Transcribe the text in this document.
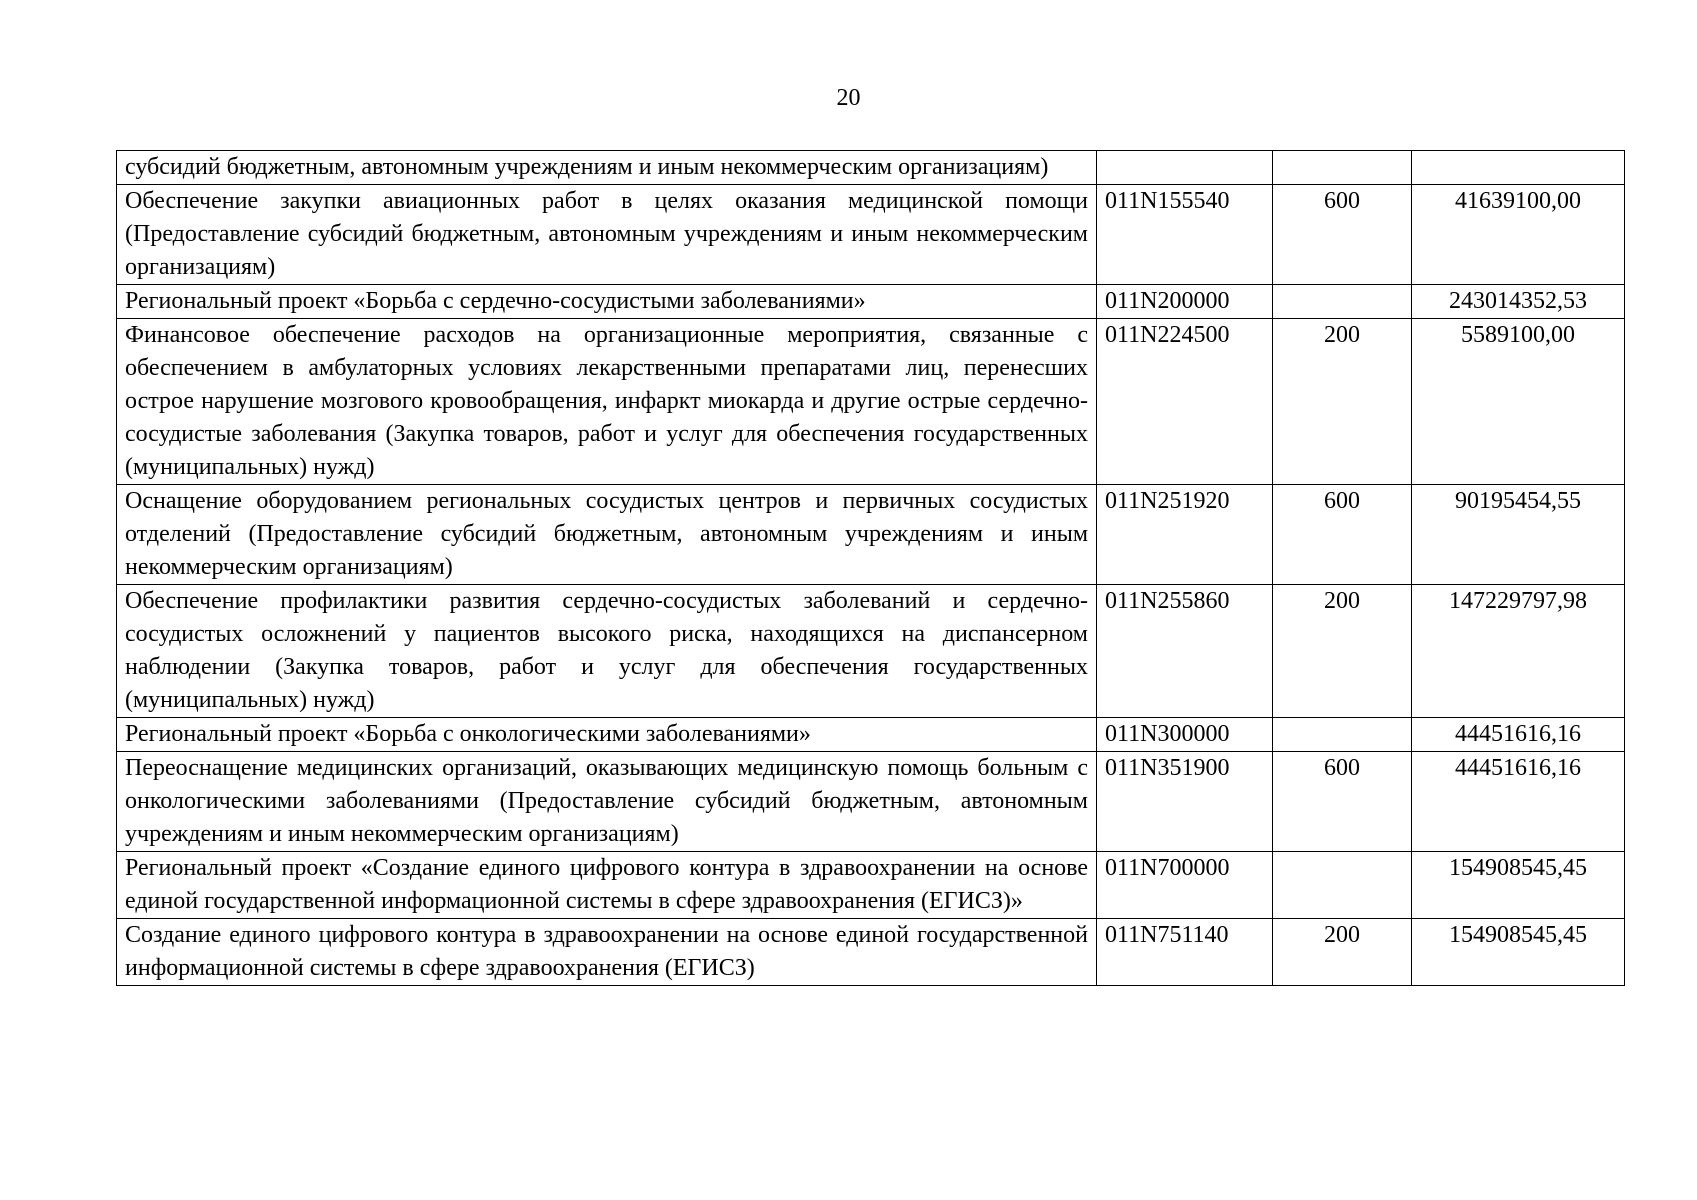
20
субсидий бюджетным, автономным учреждениям и иным некоммерческим организациям)			
Обеспечение закупки авиационных работ в целях оказания медицинской помощи (Предоставление субсидий бюджетным, автономным учреждениям и иным некоммерческим организациям)	011N155540	600	41639100,00
Региональный проект «Борьба с сердечно-сосудистыми заболеваниями»	011N200000		243014352,53
Финансовое обеспечение расходов на организационные мероприятия, связанные с обеспечением в амбулаторных условиях лекарственными препаратами лиц, перенесших острое нарушение мозгового кровообращения, инфаркт миокарда и другие острые сердечно-сосудистые заболевания (Закупка товаров, работ и услуг для обеспечения государственных (муниципальных) нужд)	011N224500	200	5589100,00
Оснащение оборудованием региональных сосудистых центров и первичных сосудистых отделений (Предоставление субсидий бюджетным, автономным учреждениям и иным некоммерческим организациям)	011N251920	600	90195454,55
Обеспечение профилактики развития сердечно-сосудистых заболеваний и сердечно-сосудистых осложнений у пациентов высокого риска, находящихся на диспансерном наблюдении (Закупка товаров, работ и услуг для обеспечения государственных (муниципальных) нужд)	011N255860	200	147229797,98
Региональный проект «Борьба с онкологическими заболеваниями»	011N300000		44451616,16
Переоснащение медицинских организаций, оказывающих медицинскую помощь больным с онкологическими заболеваниями (Предоставление субсидий бюджетным, автономным учреждениям и иным некоммерческим организациям)	011N351900	600	44451616,16
Региональный проект «Создание единого цифрового контура в здравоохранении на основе единой государственной информационной системы в сфере здравоохранения (ЕГИСЗ)»	011N700000		154908545,45
Создание единого цифрового контура в здравоохранении на основе единой государственной информационной системы в сфере здравоохранения (ЕГИСЗ)	011N751140	200	154908545,45
